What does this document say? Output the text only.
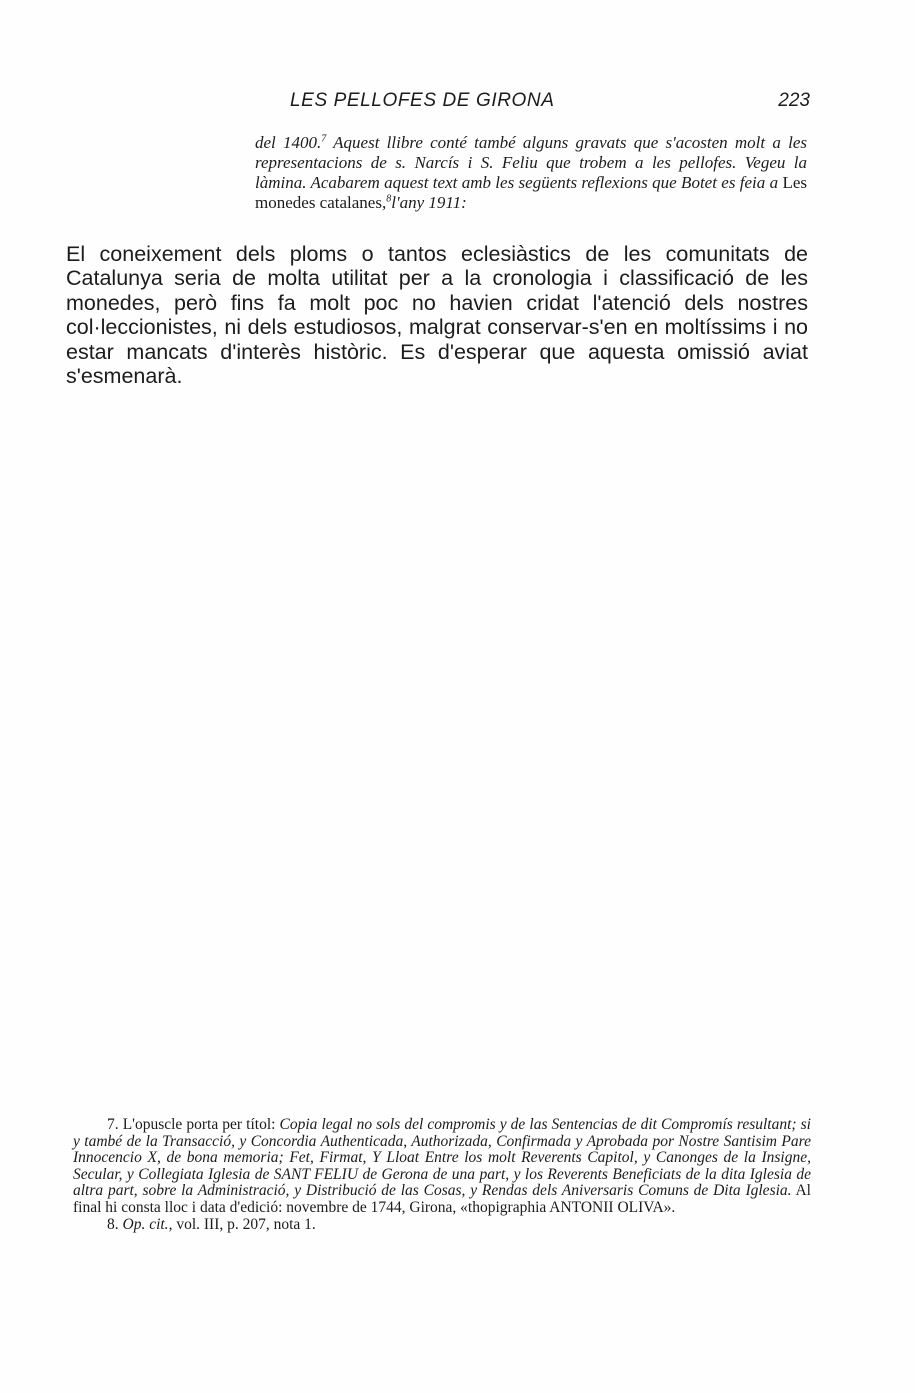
LES PELLOFES DE GIRONA	223

del 1400.$^7$ Aquest llibre conté també alguns gravats que s'acosten molt a les representacions de s. Narcís i S. Feliu que trobem a les pellofes. Vegeu la làmina. Acabarem aquest text amb les següents reflexions que Botet es feia a Les monedes catalanes,$^8$l'any 1911:

El coneixement dels ploms o tantos eclesiàstics de les comunitats de Catalunya seria de molta utilitat per a la cronologia i classificació de les monedes, però fins fa molt poc no havien cridat l'atenció dels nostres col·leccionistes, ni dels estudiosos, malgrat conservar-s'en en moltíssims i no estar mancats d'interès històric. Es d'esperar que aquesta omissió aviat s'esmenarà.

7. L'opuscle porta per títol: Copia legal no sols del compromis y de las Sentencias de dit Compromís resultant; si y també de la Transacció, y Concordia Authenticada, Authorizada, Confirmada y Aprobada por Nostre Santisim Pare Innocencio X, de bona memoria; Fet, Firmat, Y Lloat Entre los molt Reverents Capitol, y Canonges de la Insigne, Secular, y Collegiata Iglesia de SANT FELIU de Gerona de una part, y los Reverents Beneficiats de la dita Iglesia de altra part, sobre la Administració, y Distribució de las Cosas, y Rendas dels Aniversaris Comuns de Dita Iglesia. Al final hi consta lloc i data d'edició: novembre de 1744, Girona, «thopigraphia ANTONII OLIVA».

8. Op. cit., vol. III, p. 207, nota 1.
